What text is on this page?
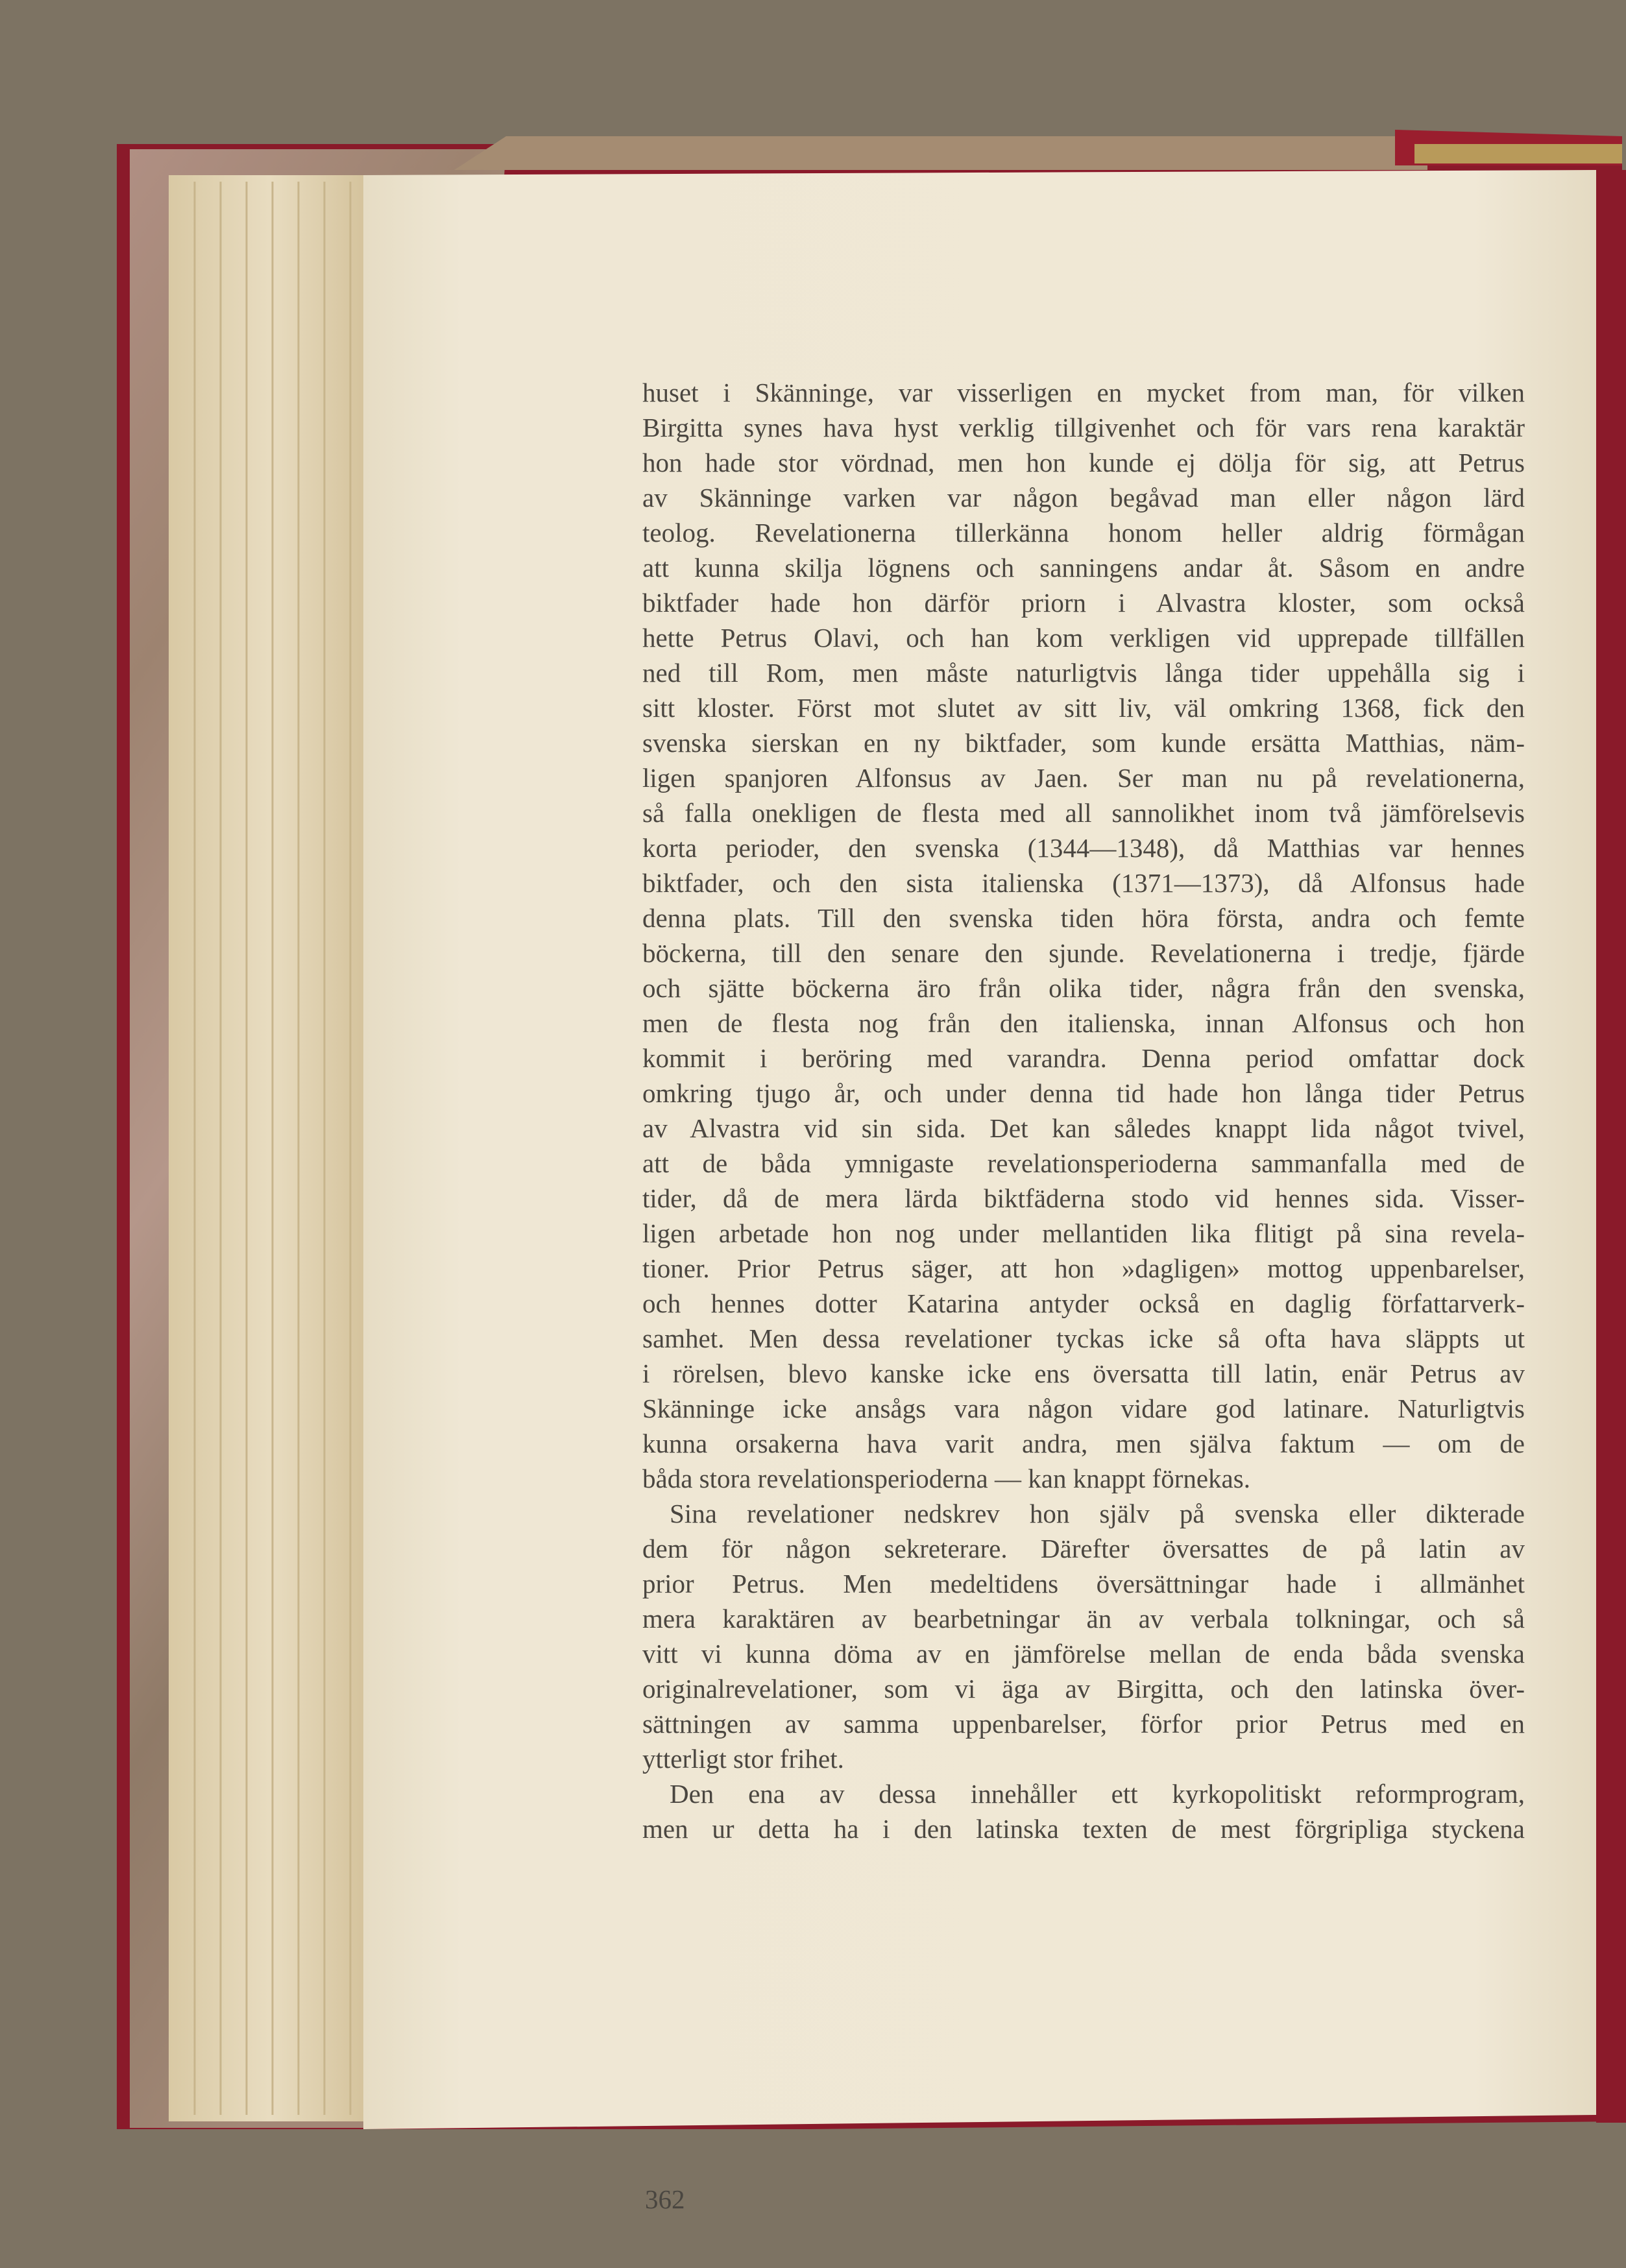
huset i Skänninge, var visserligen en mycket from man, för vilken
Birgitta synes hava hyst verklig tillgivenhet och för vars rena karaktär
hon hade stor vördnad, men hon kunde ej dölja för sig, att Petrus
av Skänninge varken var någon begåvad man eller någon lärd
teolog. Revelationerna tillerkänna honom heller aldrig förmågan
att kunna skilja lögnens och sanningens andar åt. Såsom en andre
biktfader hade hon därför priorn i Alvastra kloster, som också
hette Petrus Olavi, och han kom verkligen vid upprepade tillfällen
ned till Rom, men måste naturligtvis långa tider uppehålla sig i
sitt kloster. Först mot slutet av sitt liv, väl omkring 1368, fick den
svenska sierskan en ny biktfader, som kunde ersätta Matthias, näm-
ligen spanjoren Alfonsus av Jaen. Ser man nu på revelationerna,
så falla onekligen de flesta med all sannolikhet inom två jämförelsevis
korta perioder, den svenska (1344—1348), då Matthias var hennes
biktfader, och den sista italienska (1371—1373), då Alfonsus hade
denna plats. Till den svenska tiden höra första, andra och femte
böckerna, till den senare den sjunde. Revelationerna i tredje, fjärde
och sjätte böckerna äro från olika tider, några från den svenska,
men de flesta nog från den italienska, innan Alfonsus och hon
kommit i beröring med varandra. Denna period omfattar dock
omkring tjugo år, och under denna tid hade hon långa tider Petrus
av Alvastra vid sin sida. Det kan således knappt lida något tvivel,
att de båda ymnigaste revelationsperioderna sammanfalla med de
tider, då de mera lärda biktfäderna stodo vid hennes sida. Visser-
ligen arbetade hon nog under mellantiden lika flitigt på sina revela-
tioner. Prior Petrus säger, att hon »dagligen» mottog uppenbarelser,
och hennes dotter Katarina antyder också en daglig författarverk-
samhet. Men dessa revelationer tyckas icke så ofta hava släppts ut
i rörelsen, blevo kanske icke ens översatta till latin, enär Petrus av
Skänninge icke ansågs vara någon vidare god latinare. Naturligtvis
kunna orsakerna hava varit andra, men själva faktum — om de
båda stora revelationsperioderna — kan knappt förnekas.
Sina revelationer nedskrev hon själv på svenska eller dikterade
dem för någon sekreterare. Därefter översattes de på latin av
prior Petrus. Men medeltidens översättningar hade i allmänhet
mera karaktären av bearbetningar än av verbala tolkningar, och så
vitt vi kunna döma av en jämförelse mellan de enda båda svenska
originalrevelationer, som vi äga av Birgitta, och den latinska över-
sättningen av samma uppenbarelser, förfor prior Petrus med en
ytterligt stor frihet.
Den ena av dessa innehåller ett kyrkopolitiskt reformprogram,
men ur detta ha i den latinska texten de mest förgripliga styckena

362
